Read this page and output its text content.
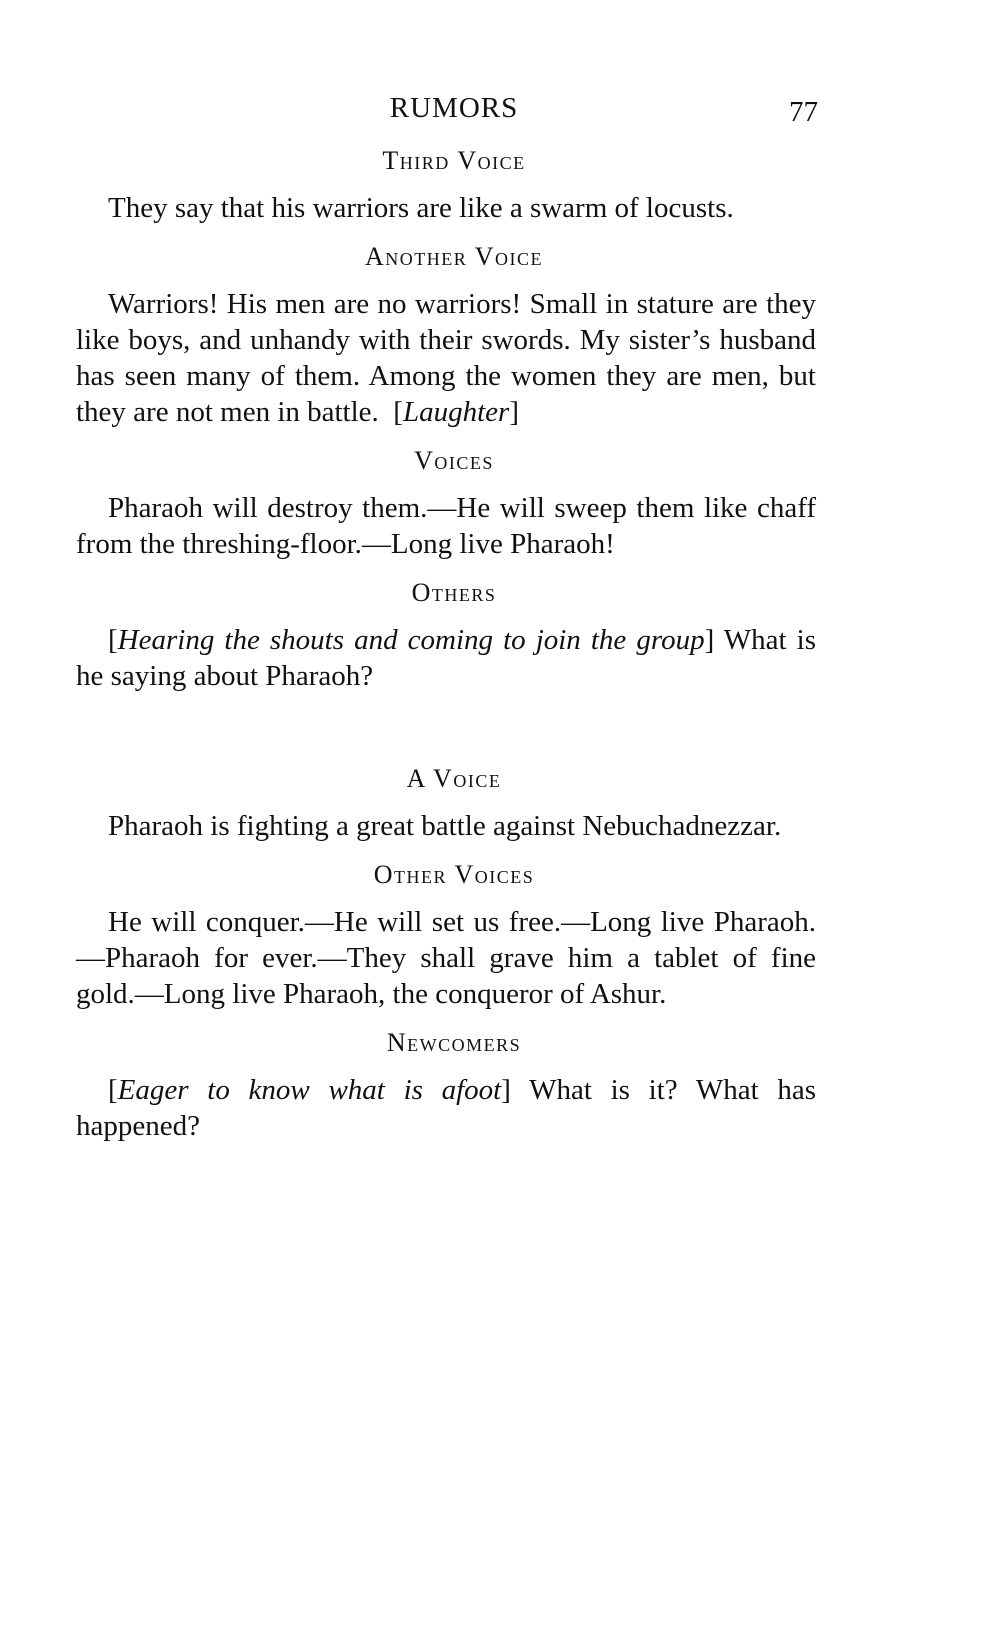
RUMORS	77
Third Voice

They say that his warriors are like a swarm of locusts.

Another Voice

Warriors! His men are no warriors! Small in stature are they like boys, and unhandy with their swords. My sister’s husband has seen many of them. Among the women they are men, but they are not men in battle.  [Laughter]

Voices

Pharaoh will destroy them.—He will sweep them like chaff from the threshing-floor.—Long live Pharaoh!

Others

[Hearing the shouts and coming to join the group] What is he saying about Pharaoh?

A Voice

Pharaoh is fighting a great battle against Nebuchadnezzar.

Other Voices

He will conquer.—He will set us free.—Long live Pharaoh.—Pharaoh for ever.—They shall grave him a tablet of fine gold.—Long live Pharaoh, the conqueror of Ashur.

Newcomers

[Eager to know what is afoot] What is it? What has happened?
